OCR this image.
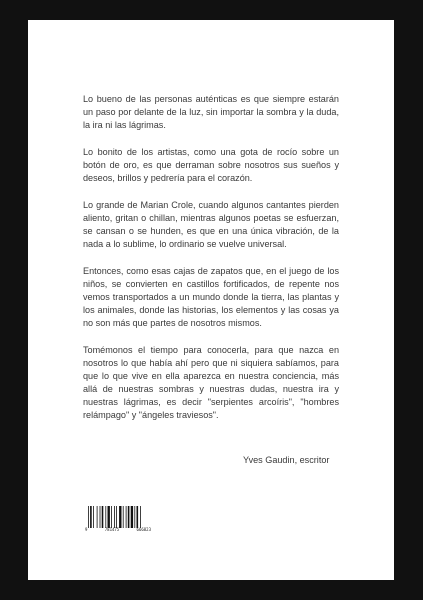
Lo bueno de las personas auténticas es que siempre estarán un paso por delante de la luz, sin importar la sombra y la duda, la ira ni las lágrimas.

Lo bonito de los artistas, como una gota de rocío sobre un botón de oro, es que derraman sobre nosotros sus sueños y deseos, brillos y pedrería para el corazón.

Lo grande de Marian Crole, cuando algunos cantantes pierden aliento, gritan o chillan, mientras algunos poetas se esfuerzan, se cansan o se hunden, es que en una única vibración, de la nada a lo sublime, lo ordinario se vuelve universal.

Entonces, como esas cajas de zapatos que, en el juego de los niños, se convierten en castillos fortificados, de repente nos vemos transportados a un mundo donde la tierra, las plantas y los animales, donde las historias, los elementos y las cosas ya no son más que partes de nosotros mismos.

Tomémonos el tiempo para conocerla, para que nazca en nosotros lo que había ahí pero que ni siquiera sabíamos, para que lo que vive en ella aparezca en nuestra conciencia, más allá de nuestras sombras y nuestras dudas, nuestra ira y nuestras lágrimas, es decir "serpientes arcoíris", "hombres relámpago" y "ángeles traviesos".

Yves Gaudin, escritor
9	781475	666823
